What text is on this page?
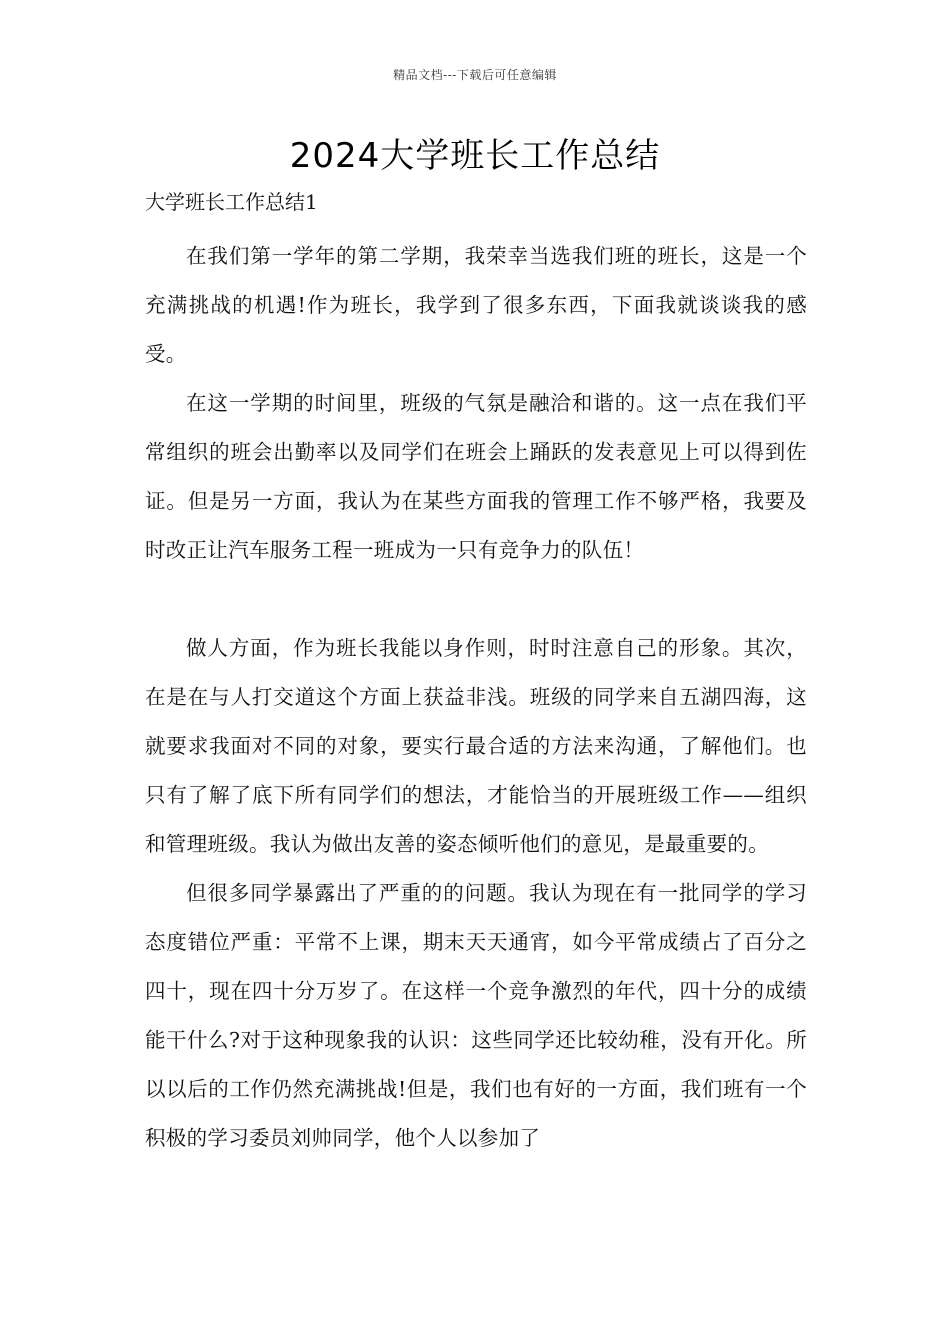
精品文档---下载后可任意编辑
2024大学班长工作总结
大学班长工作总结1

在我们第一学年的第二学期，我荣幸当选我们班的班长，这是一个充满挑战的机遇!作为班长，我学到了很多东西，下面我就谈谈我的感受。

在这一学期的时间里，班级的气氛是融洽和谐的。这一点在我们平常组织的班会出勤率以及同学们在班会上踊跃的发表意见上可以得到佐证。但是另一方面，我认为在某些方面我的管理工作不够严格，我要及时改正让汽车服务工程一班成为一只有竞争力的队伍！

做人方面，作为班长我能以身作则，时时注意自己的形象。其次，在是在与人打交道这个方面上获益非浅。班级的同学来自五湖四海，这就要求我面对不同的对象，要实行最合适的方法来沟通，了解他们。也只有了解了底下所有同学们的想法，才能恰当的开展班级工作——组织和管理班级。我认为做出友善的姿态倾听他们的意见，是最重要的。

但很多同学暴露出了严重的的问题。我认为现在有一批同学的学习态度错位严重：平常不上课，期末天天通宵，如今平常成绩占了百分之四十，现在四十分万岁了。在这样一个竞争激烈的年代，四十分的成绩能干什么?对于这种现象我的认识：这些同学还比较幼稚，没有开化。所以以后的工作仍然充满挑战!但是，我们也有好的一方面，我们班有一个积极的学习委员刘帅同学，他个人以参加了
